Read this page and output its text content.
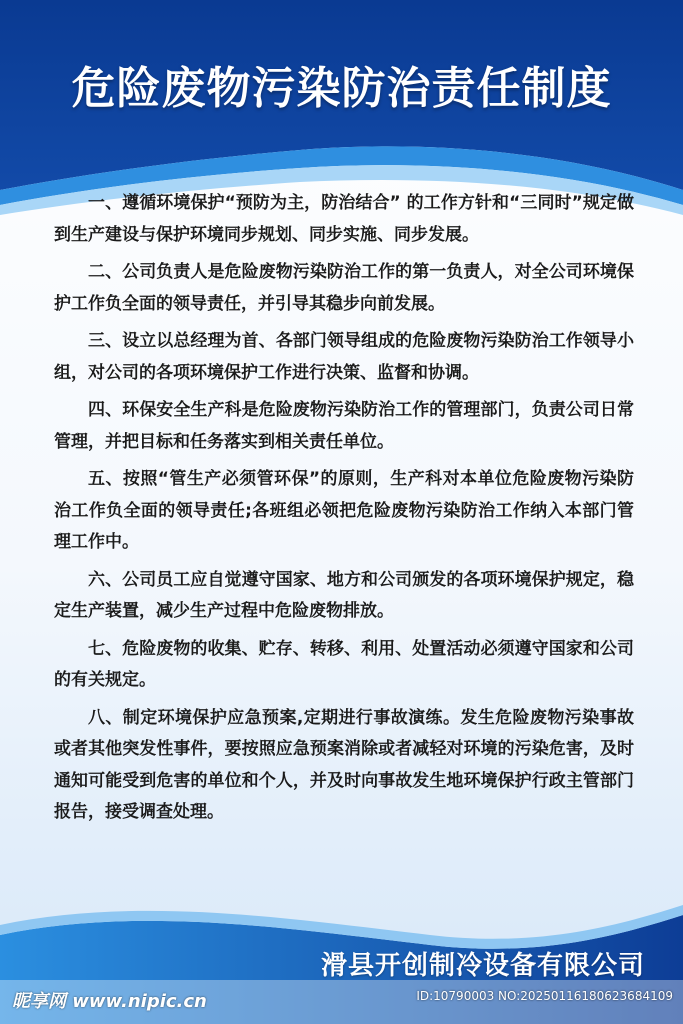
危险废物污染防治责任制度

一、遵循环境保护“预防为主，防治结合” 的工作方针和“三同时”规定做到生产建设与保护环境同步规划、同步实施、同步发展。

二、公司负责人是危险废物污染防治工作的第一负责人，对全公司环境保护工作负全面的领导责任，并引导其稳步向前发展。

三、设立以总经理为首、各部门领导组成的危险废物污染防治工作领导小组，对公司的各项环境保护工作进行决策、监督和协调。

四、环保安全生产科是危险废物污染防治工作的管理部门，负责公司日常管理，并把目标和任务落实到相关责任单位。

五、按照“管生产必须管环保”的原则，生产科对本单位危险废物污染防治工作负全面的领导责任;各班组必领把危险废物污染防治工作纳入本部门管理工作中。

六、公司员工应自觉遵守国家、地方和公司颁发的各项环境保护规定，稳定生产装置，减少生产过程中危险废物排放。

七、危险废物的收集、贮存、转移、利用、处置活动必须遵守国家和公司的有关规定。

八、制定环境保护应急预案,定期进行事故演练。发生危险废物污染事故或者其他突发性事件，要按照应急预案消除或者减轻对环境的污染危害，及时通知可能受到危害的单位和个人，并及时向事故发生地环境保护行政主管部门报告，接受调查处理。

滑县开创制冷设备有限公司
昵享网 www.nipic.cn	ID:10790003 NO:20250116180623684109
